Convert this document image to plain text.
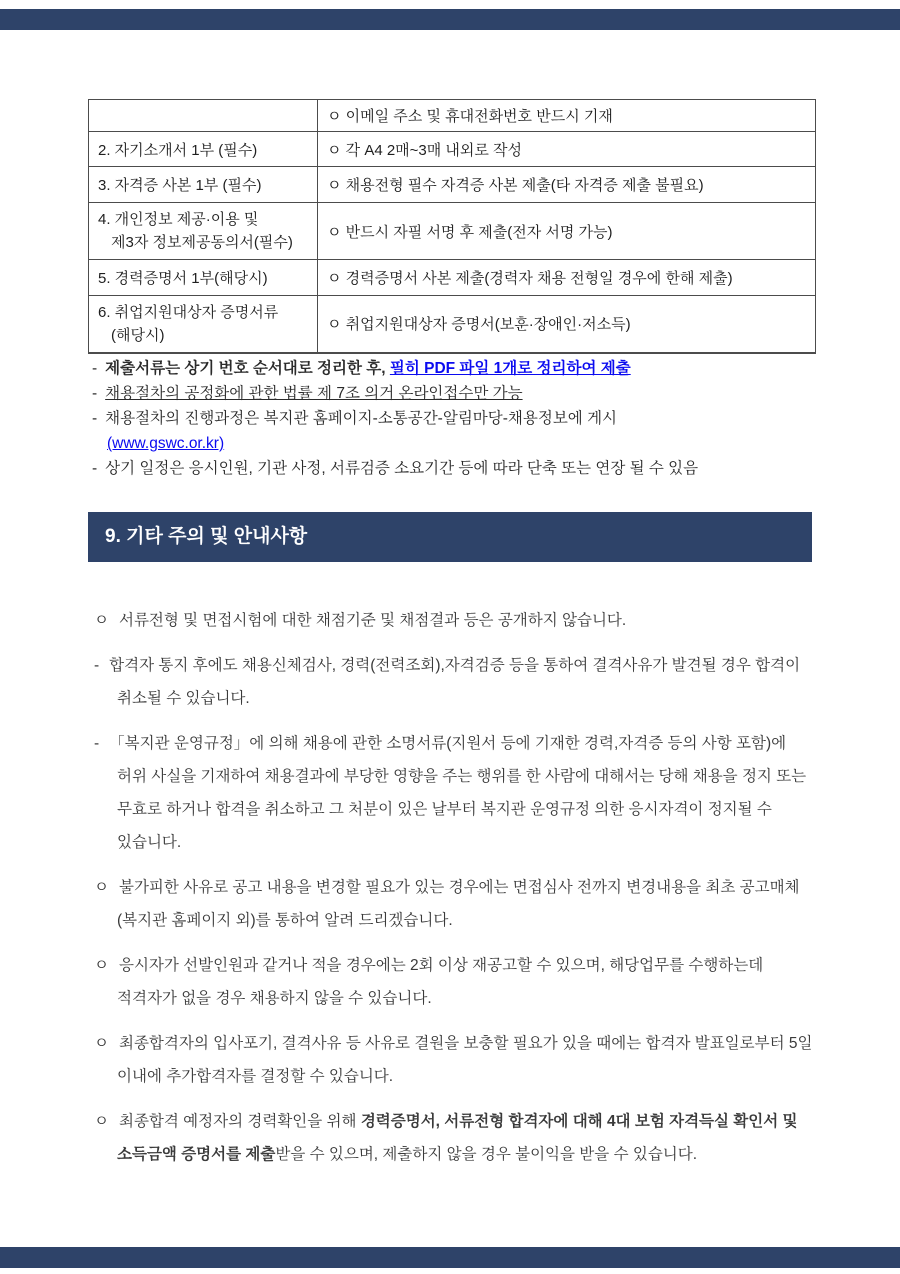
	ㅇ 이메일 주소 및 휴대전화번호 반드시 기재
2. 자기소개서 1부 (필수)	ㅇ 각 A4 2매~3매 내외로 작성
3. 자격증 사본 1부 (필수)	ㅇ 채용전형 필수 자격증 사본 제출(타 자격증 제출 불필요)

4. 개인정보 제공·이용 및
제3자 정보제공동의서(필수)	ㅇ 반드시 자필 서명 후 제출(전자 서명 가능)
5. 경력증명서 1부(해당시)	ㅇ 경력증명서 사본 제출(경력자 채용 전형일 경우에 한해 제출)

6. 취업지원대상자 증명서류
(해당시)	ㅇ 취업지원대상자 증명서(보훈·장애인·저소득)
- 제출서류는 상기 번호 순서대로 정리한 후, 필히 PDF 파일 1개로 정리하여 제출
- 채용절차의 공정화에 관한 법률 제 7조 의거 온라인접수만 가능
- 채용절차의 진행과정은 복지관 홈페이지-소통공간-알림마당-채용정보에 게시
(www.gswc.or.kr)
- 상기 일정은 응시인원, 기관 사정, 서류검증 소요기간 등에 따라 단축 또는 연장 될 수 있음
9. 기타 주의 및 안내사항
ㅇ 서류전형 및 면접시험에 대한 채점기준 및 채점결과 등은 공개하지 않습니다.
- 합격자 통지 후에도 채용신체검사, 경력(전력조회),자격검증 등을 통하여 결격사유가 발견될 경우 합격이 취소될 수 있습니다.
- 「복지관 운영규정」에 의해 채용에 관한 소명서류(지원서 등에 기재한 경력,자격증 등의 사항 포함)에 허위 사실을 기재하여 채용결과에 부당한 영향을 주는 행위를 한 사람에 대해서는 당해 채용을 정지 또는 무효로 하거나 합격을 취소하고 그 처분이 있은 날부터 복지관 운영규정 의한 응시자격이 정지될 수 있습니다.
ㅇ 불가피한 사유로 공고 내용을 변경할 필요가 있는 경우에는 면접심사 전까지 변경내용을 최초 공고매체 (복지관 홈페이지 외)를 통하여 알려 드리겠습니다.
ㅇ 응시자가 선발인원과 같거나 적을 경우에는 2회 이상 재공고할 수 있으며, 해당업무를 수행하는데 적격자가 없을 경우 채용하지 않을 수 있습니다.
ㅇ 최종합격자의 입사포기, 결격사유 등 사유로 결원을 보충할 필요가 있을 때에는 합격자 발표일로부터 5일 이내에 추가합격자를 결정할 수 있습니다.
ㅇ 최종합격 예정자의 경력확인을 위해 경력증명서, 서류전형 합격자에 대해 4대 보험 자격득실 확인서 및 소득금액 증명서를 제출받을 수 있으며, 제출하지 않을 경우 불이익을 받을 수 있습니다.
